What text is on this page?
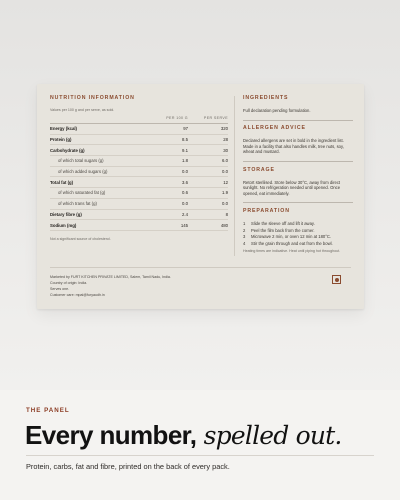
NUTRITION INFORMATION
Values per 100 g and per serve, as sold.
PER 100 G	PER SERVE
Energy (kcal)	97	320
Protein (g)	8.5	28
Carbohydrate (g)	9.1	30
of which total sugars (g)	1.8	6.0
of which added sugars (g)	0.0	0.0
Total fat (g)	3.6	12
of which saturated fat (g)	0.6	1.9
of which trans fat (g)	0.0	0.0
Dietary fibre (g)	2.4	8
Sodium (mg)	145	480
Not a significant source of cholesterol.
INGREDIENTS
Full declaration pending formulation.
ALLERGEN ADVICE
Declared allergens are set in bold in the ingredient list. Made in a facility that also handles milk, tree nuts, soy, wheat and mustard.
STORAGE
Retort sterilised. Store below 30°C, away from direct sunlight. No refrigeration needed until opened. Once opened, eat immediately.
PREPARATION
1	Slide the sleeve off and lift it away.
2	Peel the film back from the corner.
3	Microwave 2 min, or oven 12 min at 180°C.
4	Stir the grain through and eat from the bowl.
Heating times are indicative. Heat until piping hot throughout.
Marketed by FURT KITCHEN PRIVATE LIMITED, Salem, Tamil Nadu, India.
Country of origin: India.
Serves one.
Customer care: mpal@furyaudh.in
THE PANEL
Every number, spelled out.
Protein, carbs, fat and fibre, printed on the back of every pack.
